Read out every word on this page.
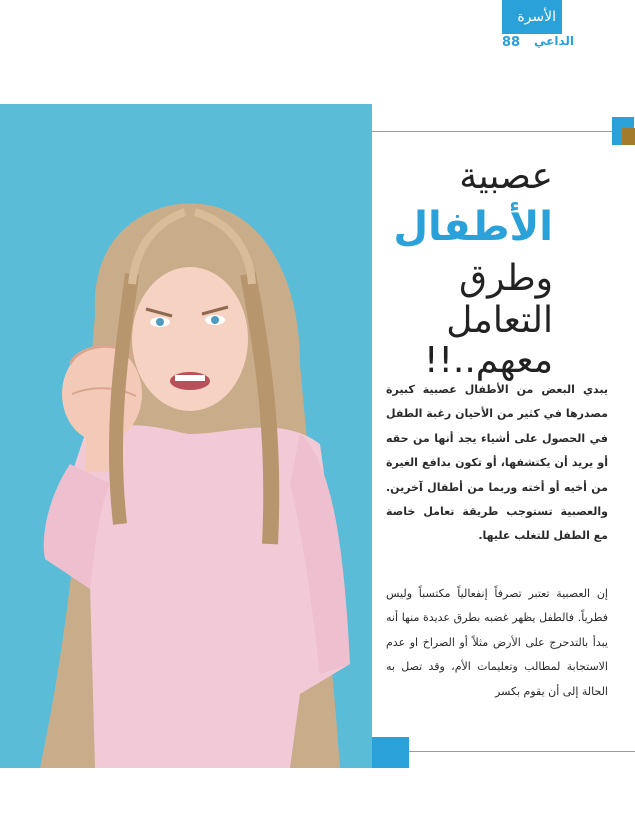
الأسرة
88 الداعي
عصبية
الأطفال
وطرق
التعامل
معهم..!!

يبدي البعض من الأطفال عصبية كبيرة مصدرها في كثير من الأحيان رغبة الطفل في الحصول على أشياء يجد أنها من حقه أو يريد أن يكتشفها، أو تكون بدافع الغيرة من أخيه أو أخته وربما من أطفال آخرين. والعصبية تستوجب طريقة تعامل خاصة مع الطفل للتغلب عليها.

إن العصبية تعتبر تصرفاً إنفعالياً مكتسباً وليس فطرياً. فالطفل يظهر غضبه بطرق عديدة منها أنه يبدأ بالتدحرج على الأرض مثلاً أو الصراخ او عدم الاستجابة لمطالب وتعليمات الأم، وقد تصل به الحالة إلى أن يقوم بكسر
